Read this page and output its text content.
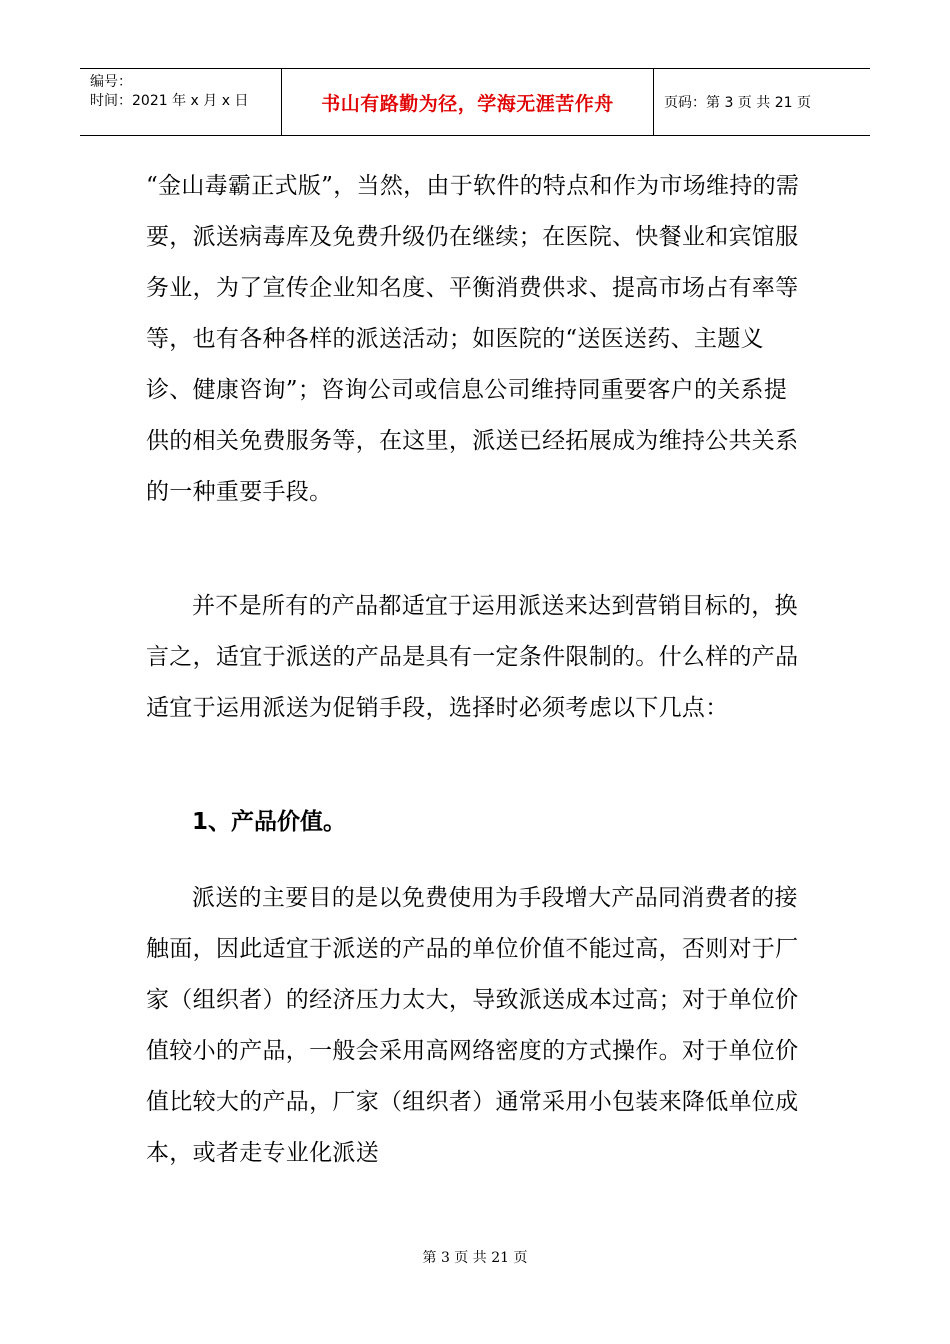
编号：
时间：2021 年 x 月 x 日	书山有路勤为径，学海无涯苦作舟	页码：第 3 页 共 21 页

“金山毒霸正式版”，当然，由于软件的特点和作为市场维持的需要，派送病毒库及免费升级仍在继续；在医院、快餐业和宾馆服务业，为了宣传企业知名度、平衡消费供求、提高市场占有率等等，也有各种各样的派送活动；如医院的“送医送药、主题义诊、健康咨询”；咨询公司或信息公司维持同重要客户的关系提供的相关免费服务等，在这里，派送已经拓展成为维持公共关系的一种重要手段。

并不是所有的产品都适宜于运用派送来达到营销目标的，换言之，适宜于派送的产品是具有一定条件限制的。什么样的产品适宜于运用派送为促销手段，选择时必须考虑以下几点：

1、产品价值。

派送的主要目的是以免费使用为手段增大产品同消费者的接触面，因此适宜于派送的产品的单位价值不能过高，否则对于厂家（组织者）的经济压力太大，导致派送成本过高；对于单位价值较小的产品，一般会采用高网络密度的方式操作。对于单位价值比较大的产品，厂家（组织者）通常采用小包装来降低单位成本，或者走专业化派送

第 3 页 共 21 页
